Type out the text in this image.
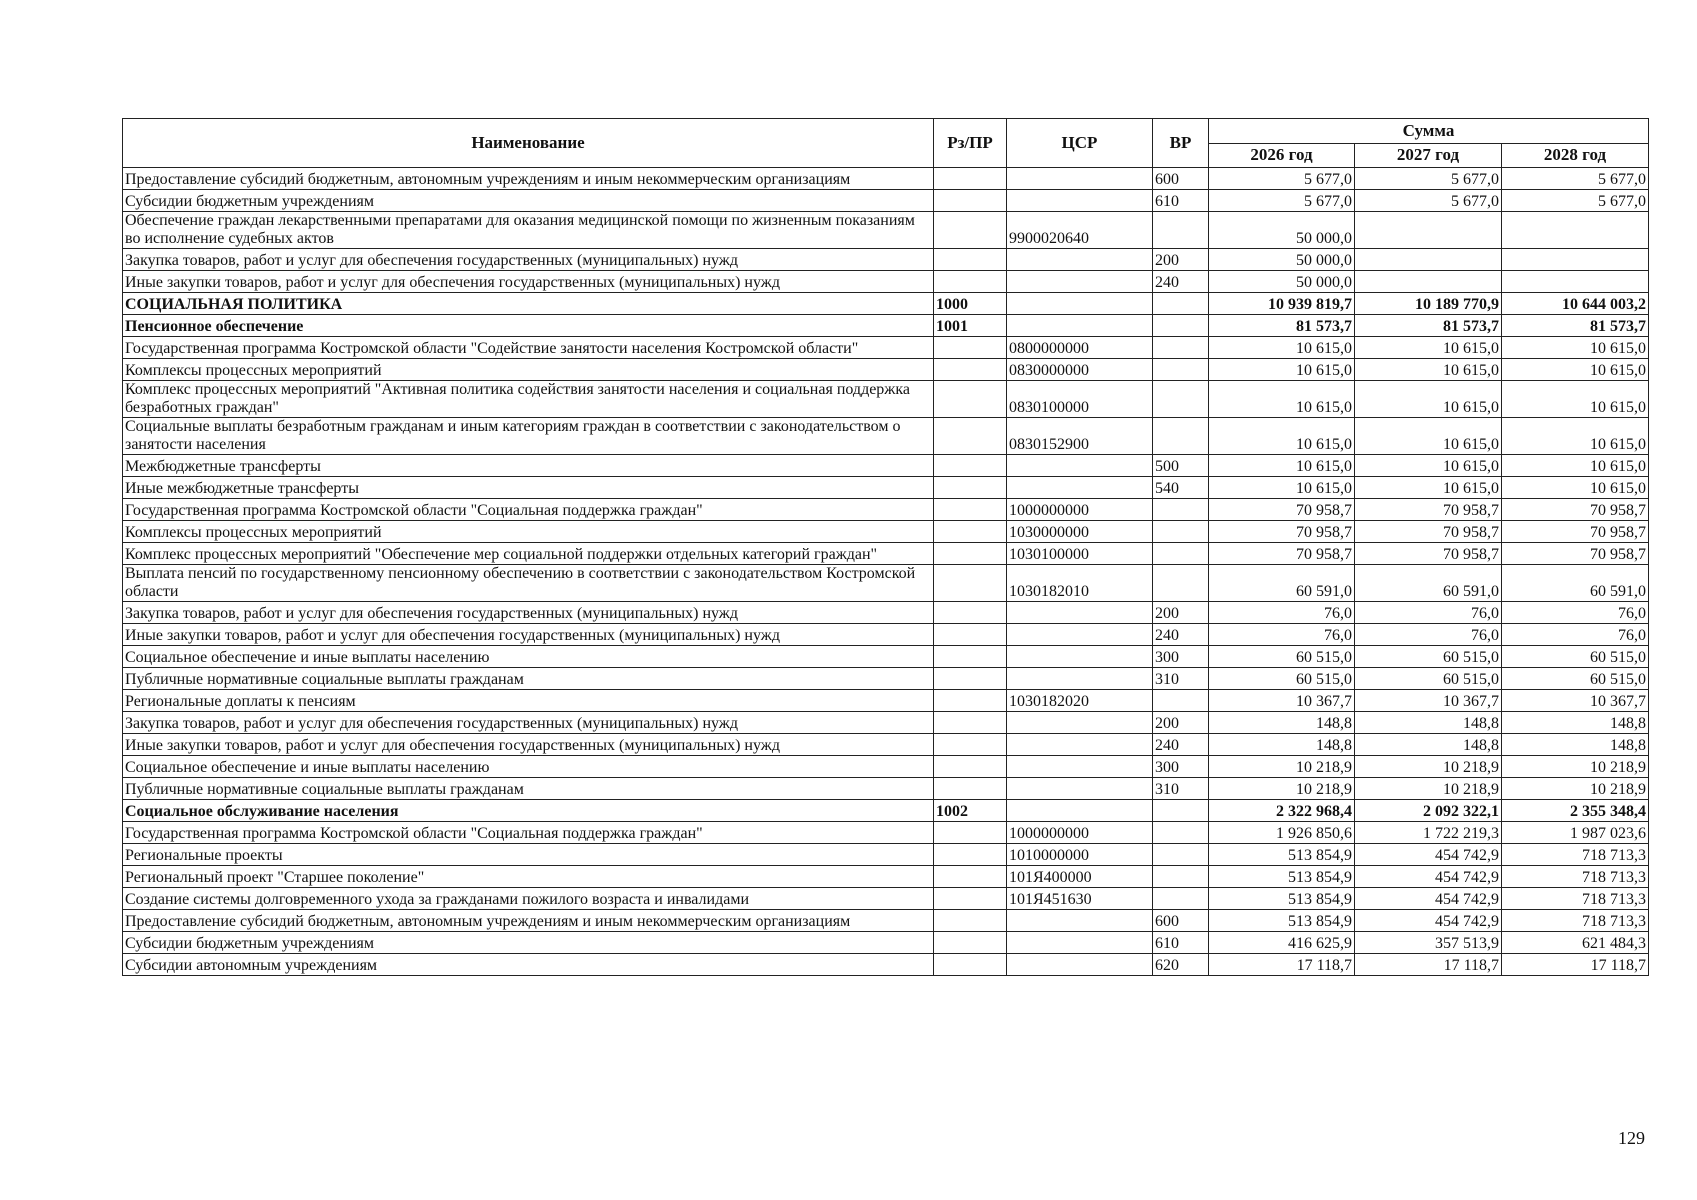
Наименование	Рз/ПР	ЦСР	ВР	Сумма		
				2026 год	2027 год	2028 год
Предоставление субсидий бюджетным, автономным учреждениям и иным некоммерческим организациям			600	5 677,0	5 677,0	5 677,0
Субсидии бюджетным учреждениям			610	5 677,0	5 677,0	5 677,0
Обеспечение граждан лекарственными препаратами для оказания медицинской помощи по жизненным показаниям во исполнение судебных актов		9900020640		50 000,0		
Закупка товаров, работ и услуг для обеспечения государственных (муниципальных) нужд			200	50 000,0		
Иные закупки товаров, работ и услуг для обеспечения государственных (муниципальных) нужд			240	50 000,0		
СОЦИАЛЬНАЯ ПОЛИТИКА	1000			10 939 819,7	10 189 770,9	10 644 003,2
Пенсионное обеспечение	1001			81 573,7	81 573,7	81 573,7
Государственная программа Костромской области "Содействие занятости населения Костромской области"		0800000000		10 615,0	10 615,0	10 615,0
Комплексы процессных мероприятий		0830000000		10 615,0	10 615,0	10 615,0
Комплекс процессных мероприятий "Активная политика содействия занятости населения и социальная поддержка безработных граждан"		0830100000		10 615,0	10 615,0	10 615,0
Социальные выплаты безработным гражданам и иным категориям граждан в соответствии с законодательством о занятости населения		0830152900		10 615,0	10 615,0	10 615,0
Межбюджетные трансферты			500	10 615,0	10 615,0	10 615,0
Иные межбюджетные трансферты			540	10 615,0	10 615,0	10 615,0
Государственная программа Костромской области "Социальная поддержка граждан"		1000000000		70 958,7	70 958,7	70 958,7
Комплексы процессных мероприятий		1030000000		70 958,7	70 958,7	70 958,7
Комплекс процессных мероприятий "Обеспечение мер социальной поддержки отдельных категорий граждан"		1030100000		70 958,7	70 958,7	70 958,7
Выплата пенсий по государственному пенсионному обеспечению в соответствии с законодательством Костромской области		1030182010		60 591,0	60 591,0	60 591,0
Закупка товаров, работ и услуг для обеспечения государственных (муниципальных) нужд			200	76,0	76,0	76,0
Иные закупки товаров, работ и услуг для обеспечения государственных (муниципальных) нужд			240	76,0	76,0	76,0
Социальное обеспечение и иные выплаты населению			300	60 515,0	60 515,0	60 515,0
Публичные нормативные социальные выплаты гражданам			310	60 515,0	60 515,0	60 515,0
Региональные доплаты к пенсиям		1030182020		10 367,7	10 367,7	10 367,7
Закупка товаров, работ и услуг для обеспечения государственных (муниципальных) нужд			200	148,8	148,8	148,8
Иные закупки товаров, работ и услуг для обеспечения государственных (муниципальных) нужд			240	148,8	148,8	148,8
Социальное обеспечение и иные выплаты населению			300	10 218,9	10 218,9	10 218,9
Публичные нормативные социальные выплаты гражданам			310	10 218,9	10 218,9	10 218,9
Социальное обслуживание населения	1002			2 322 968,4	2 092 322,1	2 355 348,4
Государственная программа Костромской области "Социальная поддержка граждан"		1000000000		1 926 850,6	1 722 219,3	1 987 023,6
Региональные проекты		1010000000		513 854,9	454 742,9	718 713,3
Региональный проект "Старшее поколение"		101Я400000		513 854,9	454 742,9	718 713,3
Создание системы долговременного ухода за гражданами пожилого возраста и инвалидами		101Я451630		513 854,9	454 742,9	718 713,3
Предоставление субсидий бюджетным, автономным учреждениям и иным некоммерческим организациям			600	513 854,9	454 742,9	718 713,3
Субсидии бюджетным учреждениям			610	416 625,9	357 513,9	621 484,3
Субсидии автономным учреждениям			620	17 118,7	17 118,7	17 118,7
129
